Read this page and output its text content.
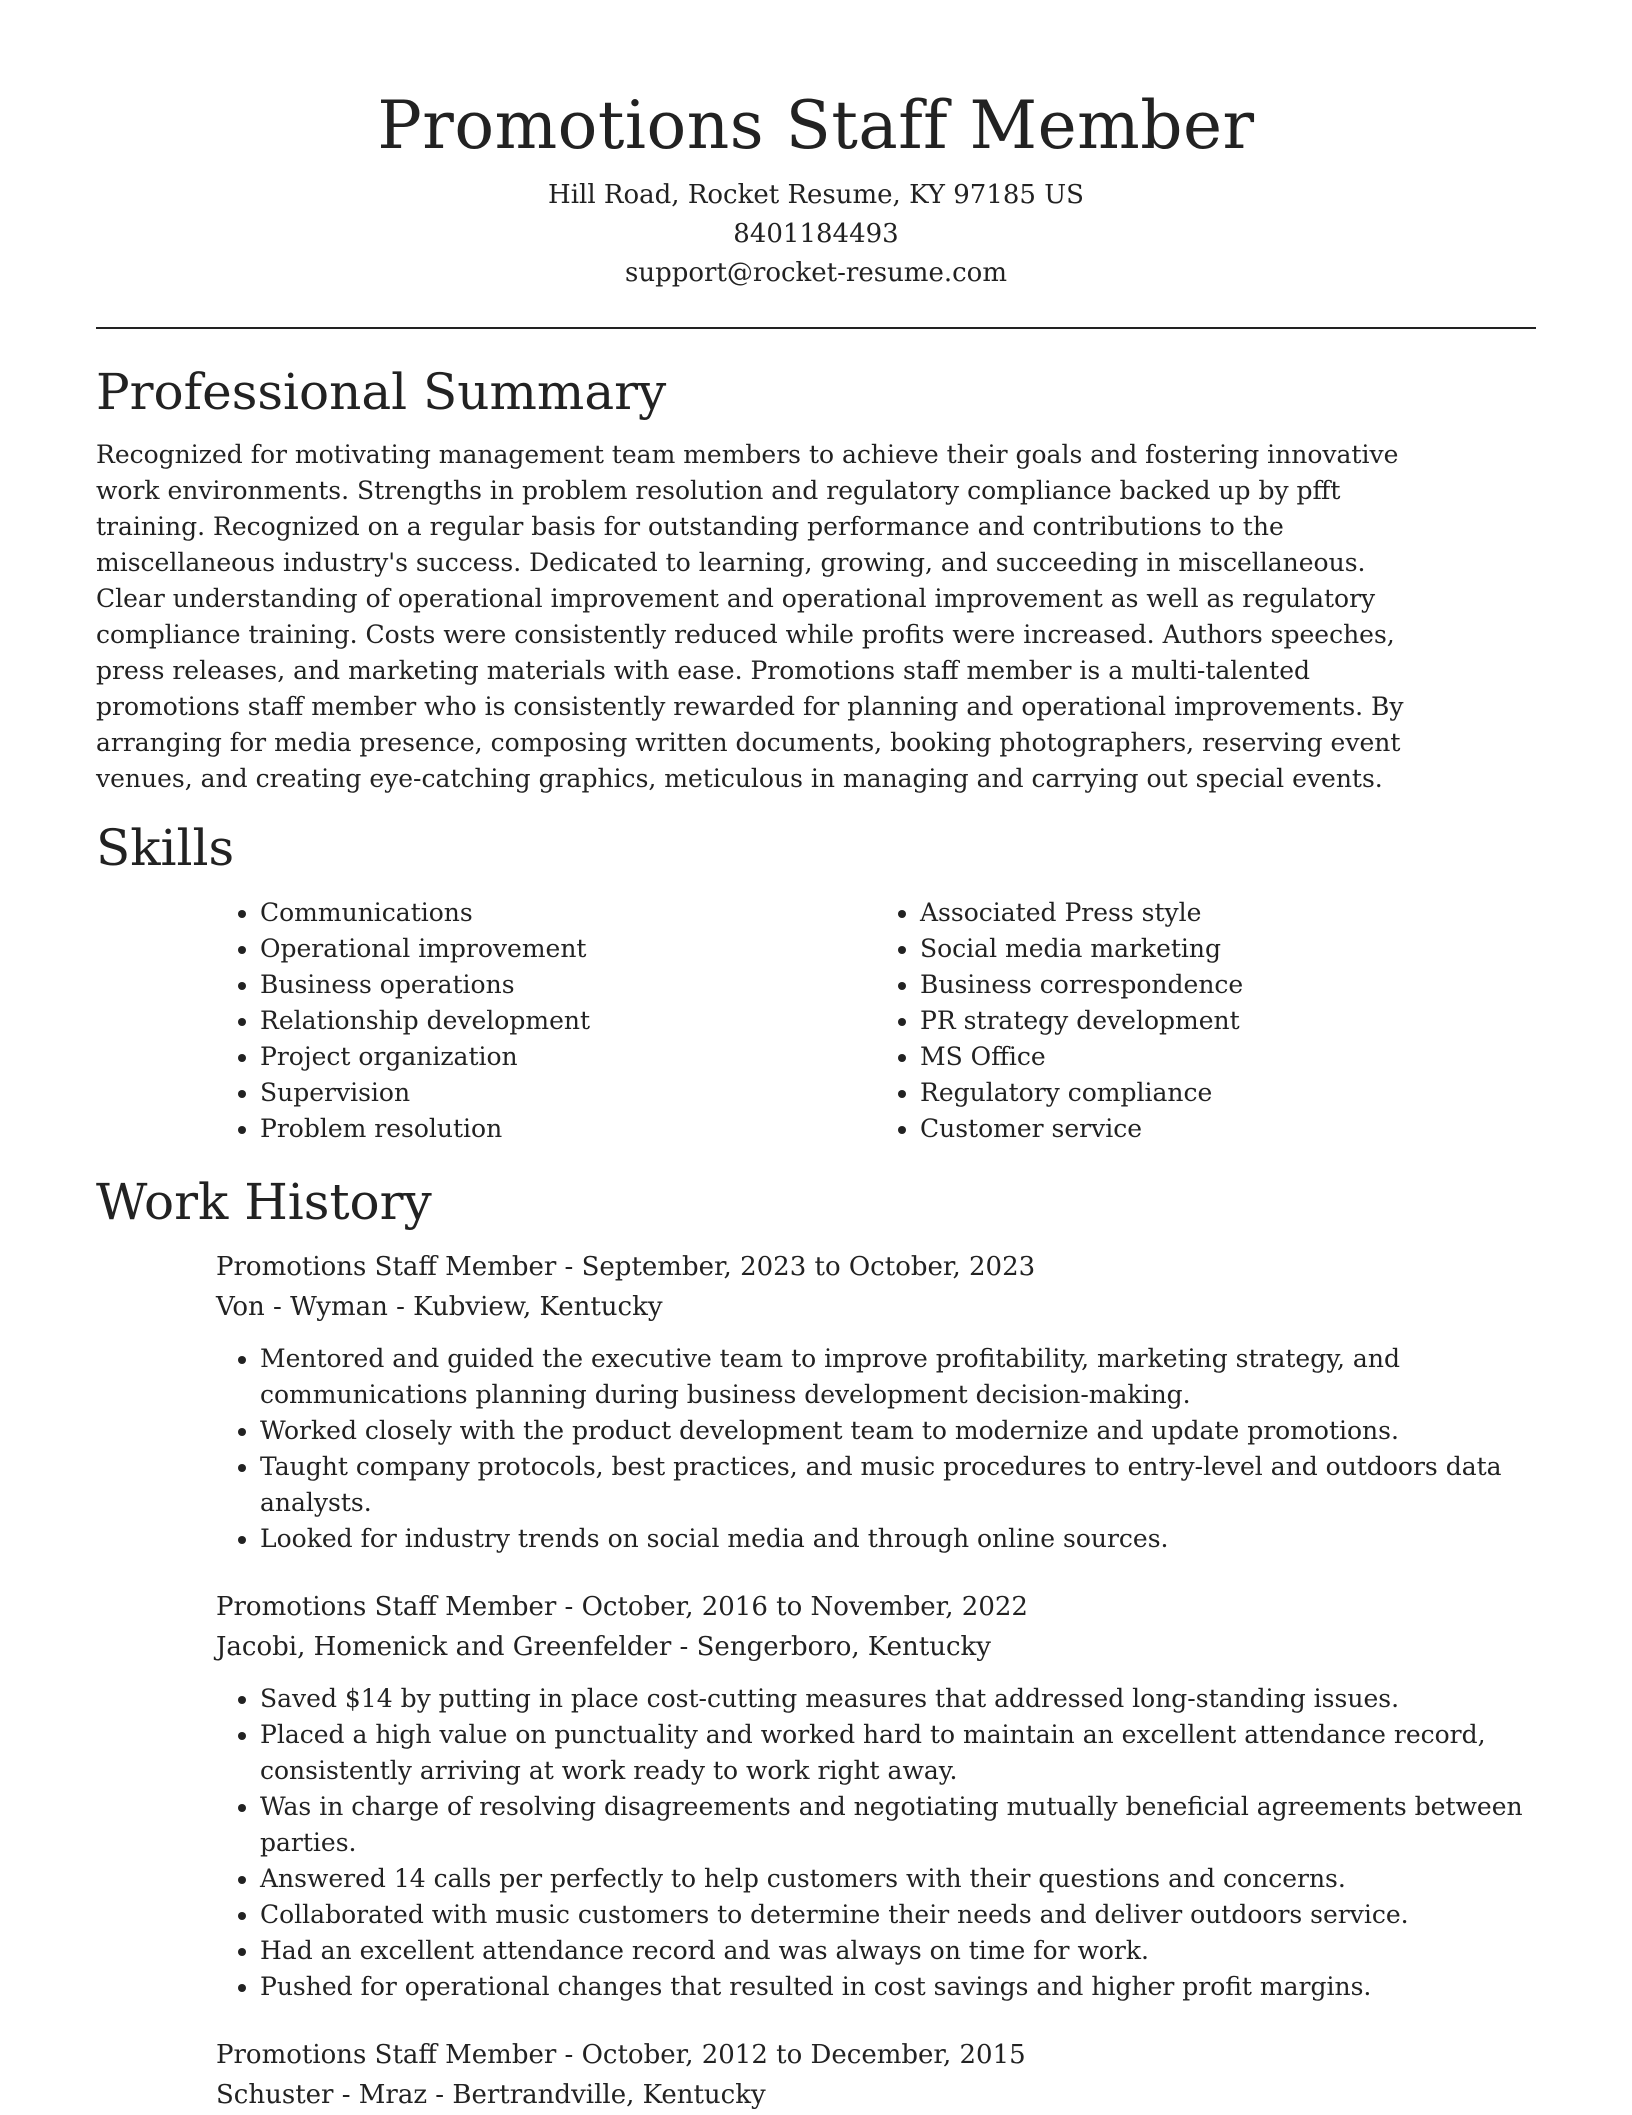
Promotions Staff Member

Hill Road, Rocket Resume, KY 97185 US

8401184493

support@rocket-resume.com

Professional Summary

Recognized for motivating management team members to achieve their goals and fostering innovative work environments. Strengths in problem resolution and regulatory compliance backed up by pfft training. Recognized on a regular basis for outstanding performance and contributions to the miscellaneous industry's success. Dedicated to learning, growing, and succeeding in miscellaneous. Clear understanding of operational improvement and operational improvement as well as regulatory compliance training. Costs were consistently reduced while profits were increased. Authors speeches, press releases, and marketing materials with ease. Promotions staff member is a multi-talented promotions staff member who is consistently rewarded for planning and operational improvements. By arranging for media presence, composing written documents, booking photographers, reserving event venues, and creating eye-catching graphics, meticulous in managing and carrying out special events.

Skills
• Communications
• Operational improvement
• Business operations
• Relationship development
• Project organization
• Supervision
• Problem resolution
• Associated Press style
• Social media marketing
• Business correspondence
• PR strategy development
• MS Office
• Regulatory compliance
• Customer service
Work History

Promotions Staff Member - September, 2023 to October, 2023

Von - Wyman - Kubview, Kentucky

• Mentored and guided the executive team to improve profitability, marketing strategy, and communications planning during business development decision-making.
• Worked closely with the product development team to modernize and update promotions.
• Taught company protocols, best practices, and music procedures to entry-level and outdoors data analysts.
• Looked for industry trends on social media and through online sources.

Promotions Staff Member - October, 2016 to November, 2022

Jacobi, Homenick and Greenfelder - Sengerboro, Kentucky

• Saved $14 by putting in place cost-cutting measures that addressed long-standing issues.
• Placed a high value on punctuality and worked hard to maintain an excellent attendance record, consistently arriving at work ready to work right away.
• Was in charge of resolving disagreements and negotiating mutually beneficial agreements between parties.
• Answered 14 calls per perfectly to help customers with their questions and concerns.
• Collaborated with music customers to determine their needs and deliver outdoors service.
• Had an excellent attendance record and was always on time for work.
• Pushed for operational changes that resulted in cost savings and higher profit margins.

Promotions Staff Member - October, 2012 to December, 2015

Schuster - Mraz - Bertrandville, Kentucky
